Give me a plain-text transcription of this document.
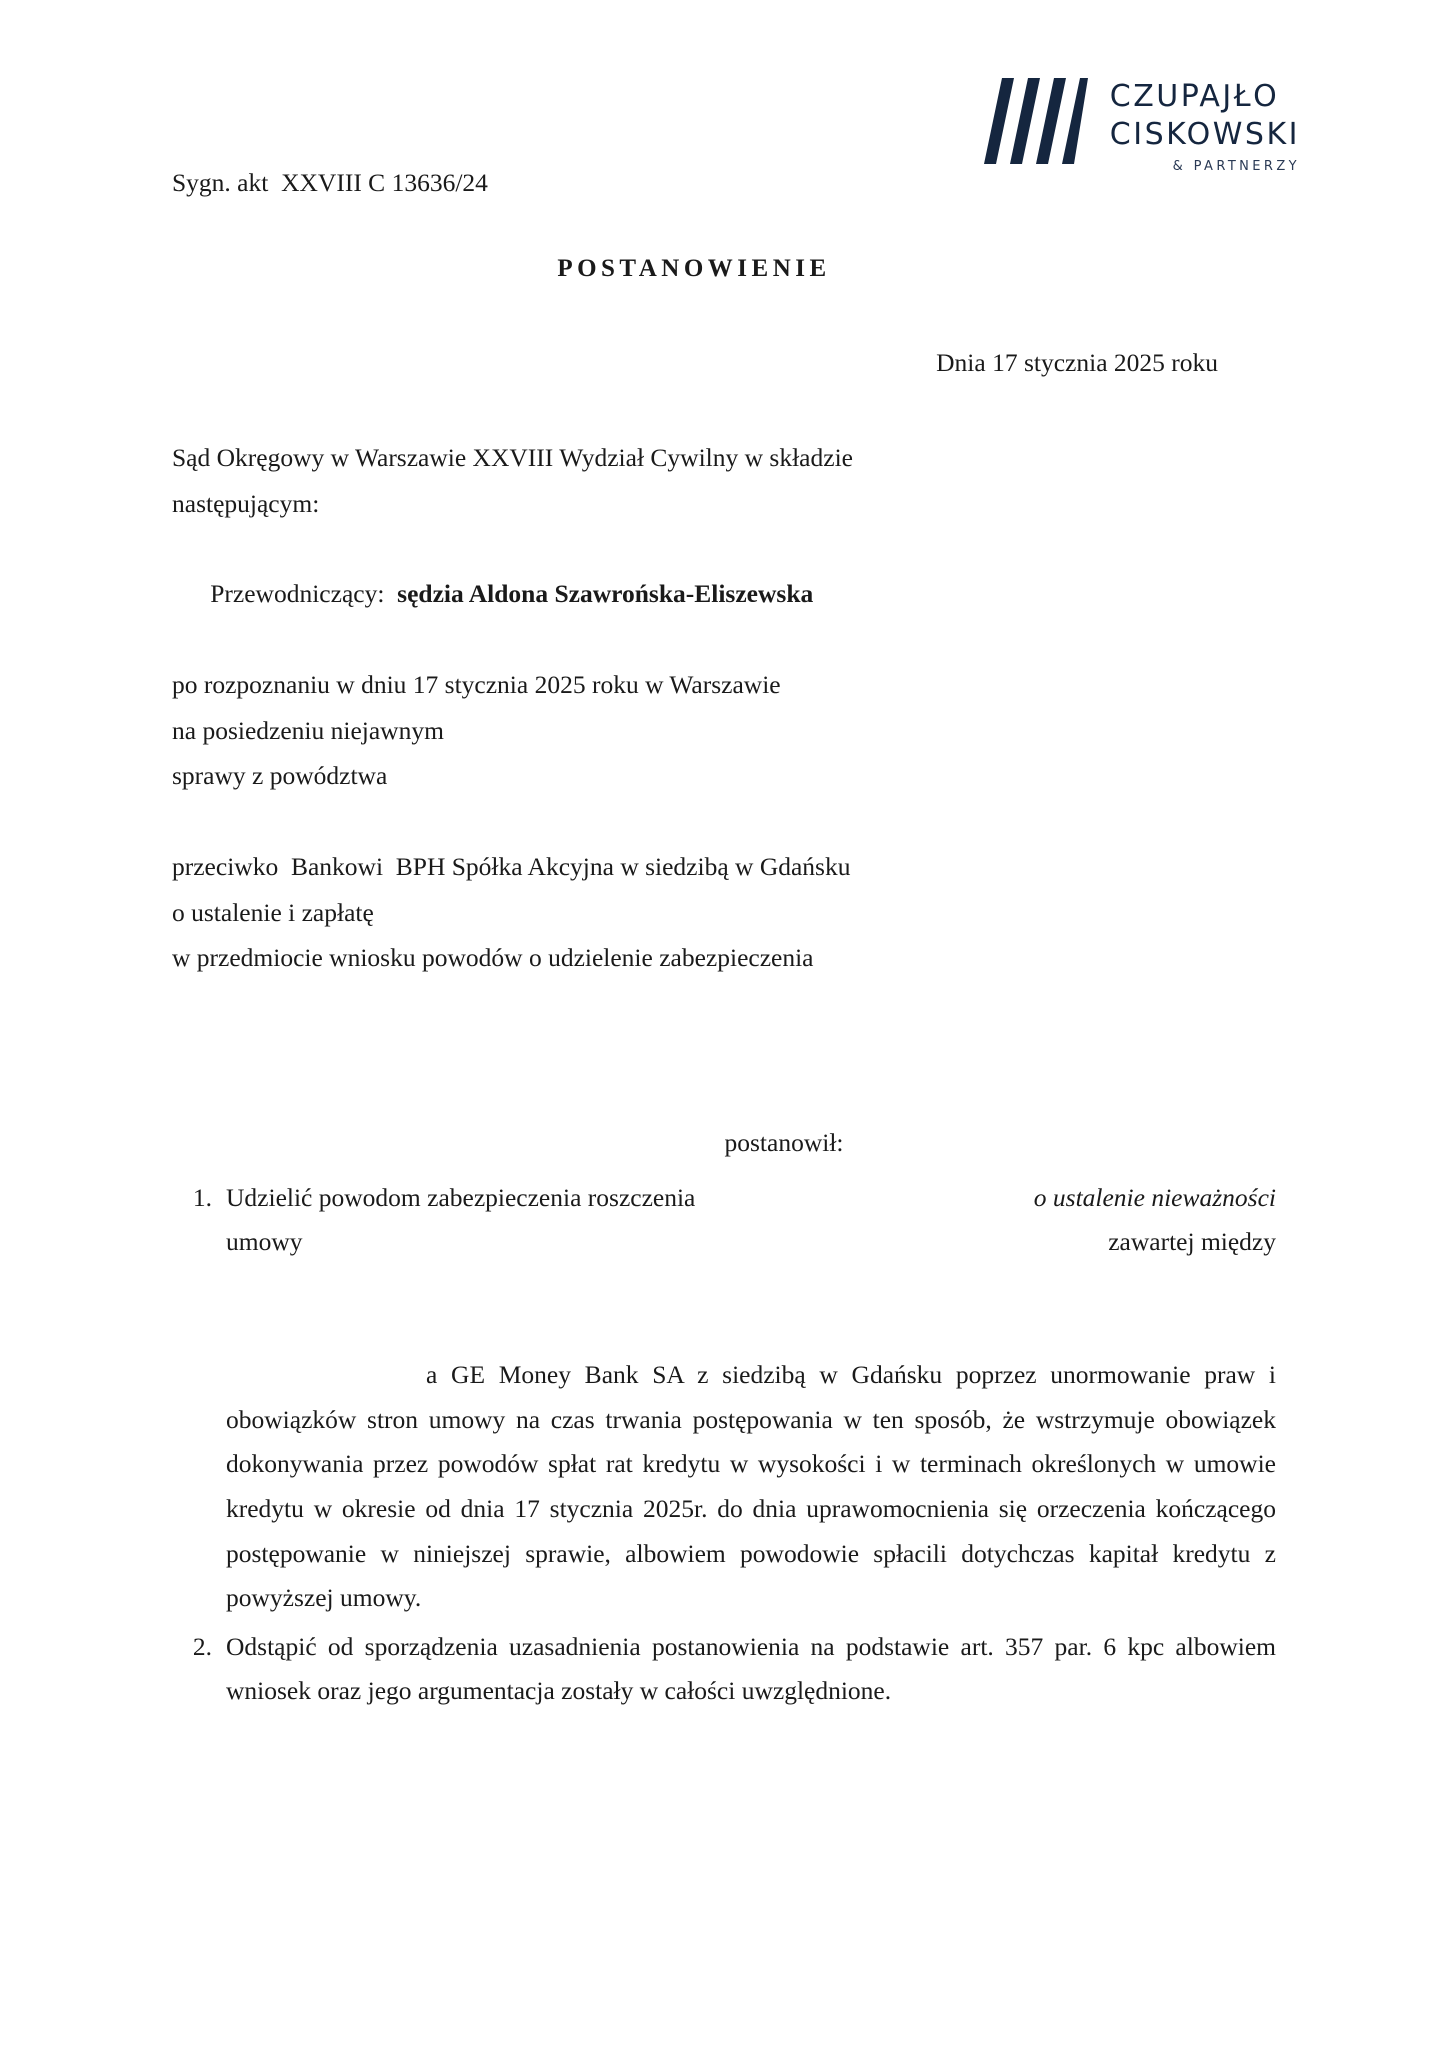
CZUPAJŁO
CISKOWSKI
& PARTNERZY

Sygn. akt  XXVIII C 13636/24

POSTANOWIENIE

Dnia 17 stycznia 2025 roku

Sąd Okręgowy w Warszawie XXVIII Wydział Cywilny w składzie

następującym:

Przewodniczący: sędzia Aldona Szawrońska-Eliszewska

po rozpoznaniu w dniu 17 stycznia 2025 roku w Warszawie

na posiedzeniu niejawnym

sprawy z powództwa

przeciwko  Bankowi  BPH Spółka Akcyjna w siedzibą w Gdańsku

o ustalenie i zapłatę

w przedmiocie wniosku powodów o udzielenie zabezpieczenia

postanowił:

1. Udzielić powodom zabezpieczenia roszczenia	o ustalenie nieważności
umowy	zawartej między
a GE Money Bank SA z siedzibą w Gdańsku poprzez unormowanie praw i obowiązków stron umowy na czas trwania postępowania w ten sposób, że wstrzymuje obowiązek dokonywania przez powodów spłat rat kredytu w wysokości i w terminach określonych w umowie kredytu w okresie od dnia 17 stycznia 2025r. do dnia uprawomocnienia się orzeczenia kończącego postępowanie w niniejszej sprawie, albowiem powodowie spłacili dotychczas kapitał kredytu z powyższej umowy.
2. Odstąpić od sporządzenia uzasadnienia postanowienia na podstawie art. 357 par. 6 kpc albowiem wniosek oraz jego argumentacja zostały w całości uwzględnione.
